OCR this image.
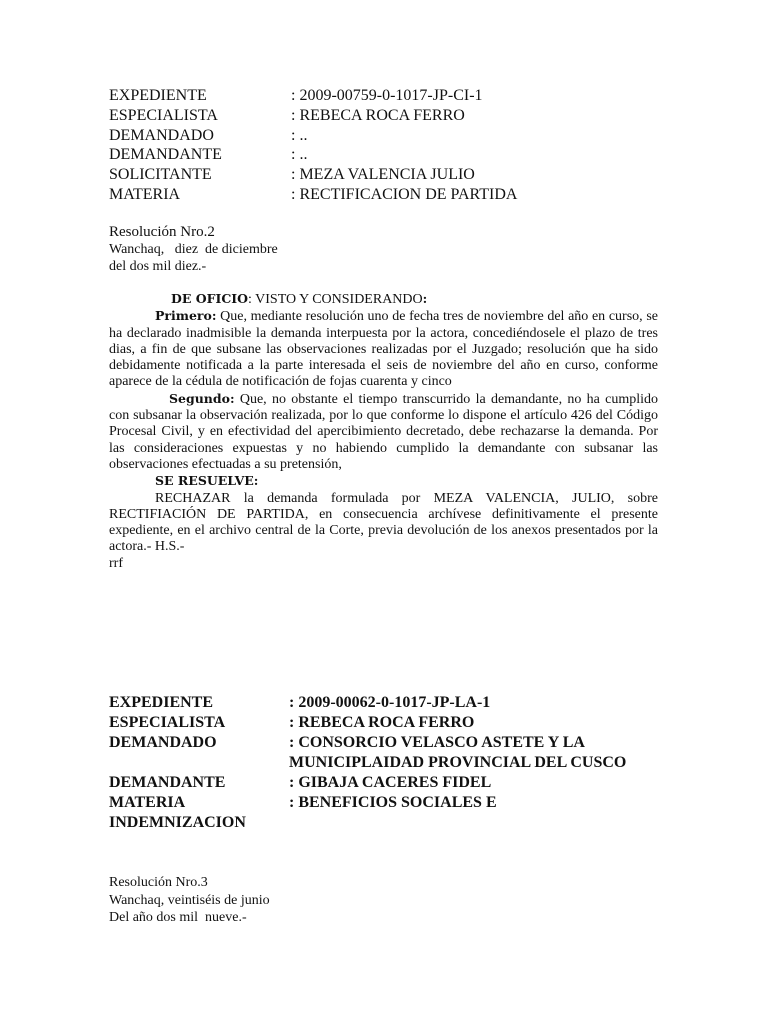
EXPEDIENTE	: 2009-00759-0-1017-JP-CI-1
ESPECIALISTA	: REBECA ROCA FERRO
DEMANDADO	: ..
DEMANDANTE	: ..
SOLICITANTE	: MEZA VALENCIA JULIO
MATERIA	: RECTIFICACION DE PARTIDA
Resolución Nro.2
Wanchaq,   diez  de diciembre
del dos mil diez.-

DE OFICIO: VISTO Y CONSIDERANDO:

Primero: Que, mediante resolución uno de fecha tres de noviembre del año en curso, se ha declarado inadmisible la demanda interpuesta por la actora, concediéndosele el plazo de tres dias, a fin de que subsane las observaciones realizadas por el Juzgado; resolución que ha sido debidamente notificada a la parte interesada el seis de noviembre del año en curso, conforme aparece de la cédula de notificación de fojas cuarenta y cinco

Segundo: Que, no obstante el tiempo transcurrido la demandante, no ha cumplido con subsanar la observación realizada, por lo que conforme lo dispone el artículo 426 del Código Procesal Civil, y en efectividad del apercibimiento decretado, debe rechazarse la demanda. Por las consideraciones expuestas y no habiendo cumplido la demandante con subsanar las observaciones efectuadas a su pretensión,

SE RESUELVE:

RECHAZAR la demanda formulada por MEZA VALENCIA, JULIO, sobre RECTIFIACIÓN DE PARTIDA, en consecuencia archívese definitivamente el presente expediente, en el archivo central de la Corte, previa devolución de los anexos presentados por la actora.- H.S.-

rrf

EXPEDIENTE	: 2009-00062-0-1017-JP-LA-1
ESPECIALISTA	: REBECA ROCA FERRO
DEMANDADO	: CONSORCIO VELASCO ASTETE Y LA MUNICIPLAIDAD PROVINCIAL DEL CUSCO
DEMANDANTE	: GIBAJA CACERES FIDEL
MATERIA	: BENEFICIOS SOCIALES E
INDEMNIZACION
Resolución Nro.3
Wanchaq, veintiséis de junio
Del año dos mil  nueve.-
